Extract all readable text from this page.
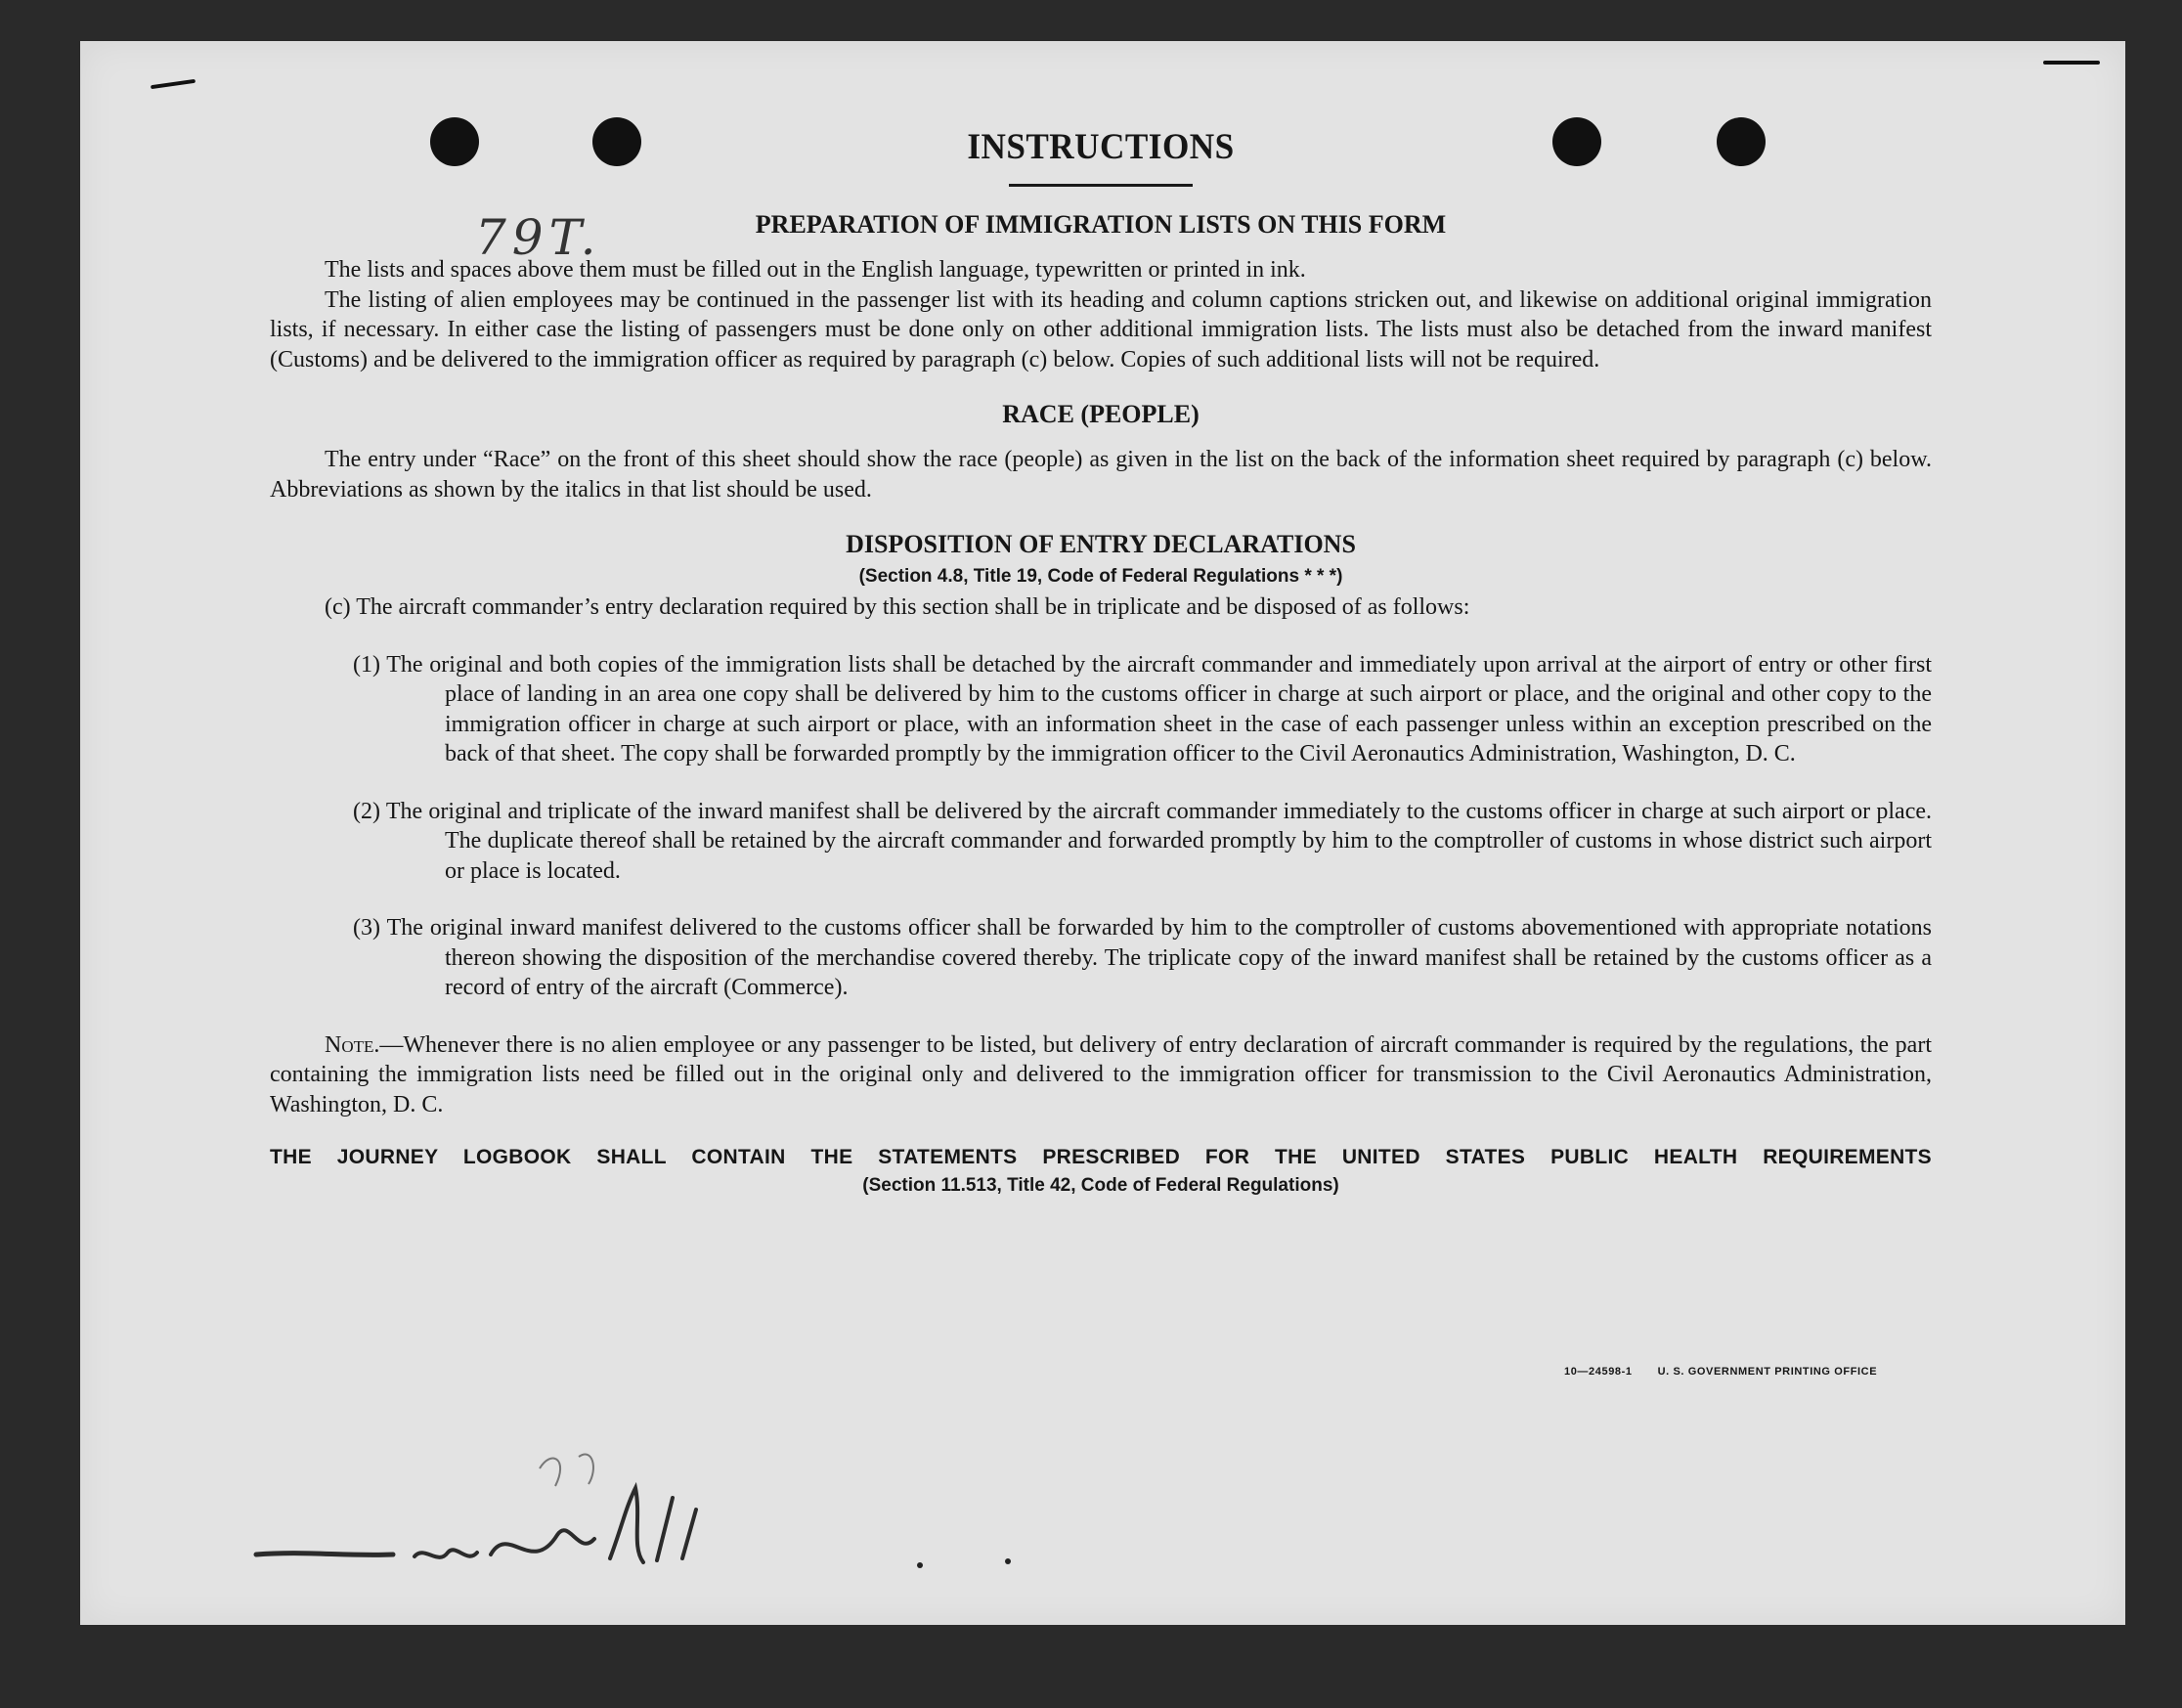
79T.
INSTRUCTIONS
PREPARATION OF IMMIGRATION LISTS ON THIS FORM

The lists and spaces above them must be filled out in the English language, typewritten or printed in ink.

The listing of alien employees may be continued in the passenger list with its heading and column captions stricken out, and likewise on additional original immigration lists, if necessary. In either case the listing of passengers must be done only on other additional immigration lists. The lists must also be detached from the inward manifest (Customs) and be delivered to the immigration officer as required by paragraph (c) below. Copies of such additional lists will not be required.

RACE (PEOPLE)

The entry under “Race” on the front of this sheet should show the race (people) as given in the list on the back of the information sheet required by paragraph (c) below. Abbreviations as shown by the italics in that list should be used.

DISPOSITION OF ENTRY DECLARATIONS
(Section 4.8, Title 19, Code of Federal Regulations * * *)

(c) The aircraft commander’s entry declaration required by this section shall be in triplicate and be disposed of as follows:

(1) The original and both copies of the immigration lists shall be detached by the aircraft commander and immediately upon arrival at the airport of entry or other first place of landing in an area one copy shall be delivered by him to the customs officer in charge at such airport or place, and the original and other copy to the immigration officer in charge at such airport or place, with an information sheet in the case of each passenger unless within an exception prescribed on the back of that sheet. The copy shall be forwarded promptly by the immigration officer to the Civil Aeronautics Administration, Washington, D. C.

(2) The original and triplicate of the inward manifest shall be delivered by the aircraft commander immediately to the customs officer in charge at such airport or place. The duplicate thereof shall be retained by the aircraft commander and forwarded promptly by him to the comptroller of customs in whose district such airport or place is located.

(3) The original inward manifest delivered to the customs officer shall be forwarded by him to the comptroller of customs abovementioned with appropriate notations thereon showing the disposition of the merchandise covered thereby. The triplicate copy of the inward manifest shall be retained by the customs officer as a record of entry of the aircraft (Commerce).

Note.—Whenever there is no alien employee or any passenger to be listed, but delivery of entry declaration of aircraft commander is required by the regulations, the part containing the immigration lists need be filled out in the original only and delivered to the immigration officer for transmission to the Civil Aeronautics Administration, Washington, D. C.

THE JOURNEY LOGBOOK SHALL CONTAIN THE STATEMENTS PRESCRIBED FOR THE UNITED STATES PUBLIC HEALTH REQUIREMENTS

(Section 11.513, Title 42, Code of Federal Regulations)
10—24598-1 U. S. GOVERNMENT PRINTING OFFICE
